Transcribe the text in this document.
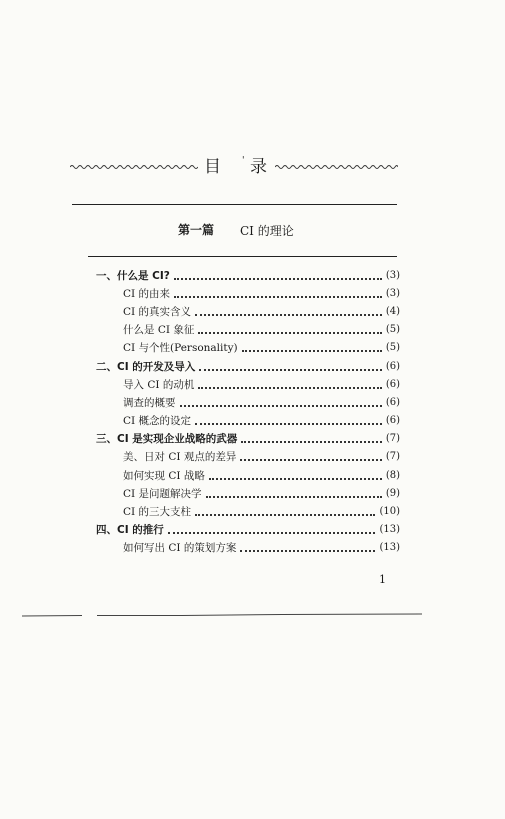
目 ' 录
第一篇 CI 的理论
一、什么是 CI?	(3)
CI 的由来	(3)
CI 的真实含义	(4)
什么是 CI 象征	(5)
CI 与个性(Personality)	(5)
二、CI 的开发及导入	(6)
导入 CI 的动机	(6)
调查的概要	(6)
CI 概念的设定	(6)
三、CI 是实现企业战略的武器	(7)
美、日对 CI 观点的差异	(7)
如何实现 CI 战略	(8)
CI 是问题解决学	(9)
CI 的三大支柱	(10)
四、CI 的推行	(13)
如何写出 CI 的策划方案	(13)
1
